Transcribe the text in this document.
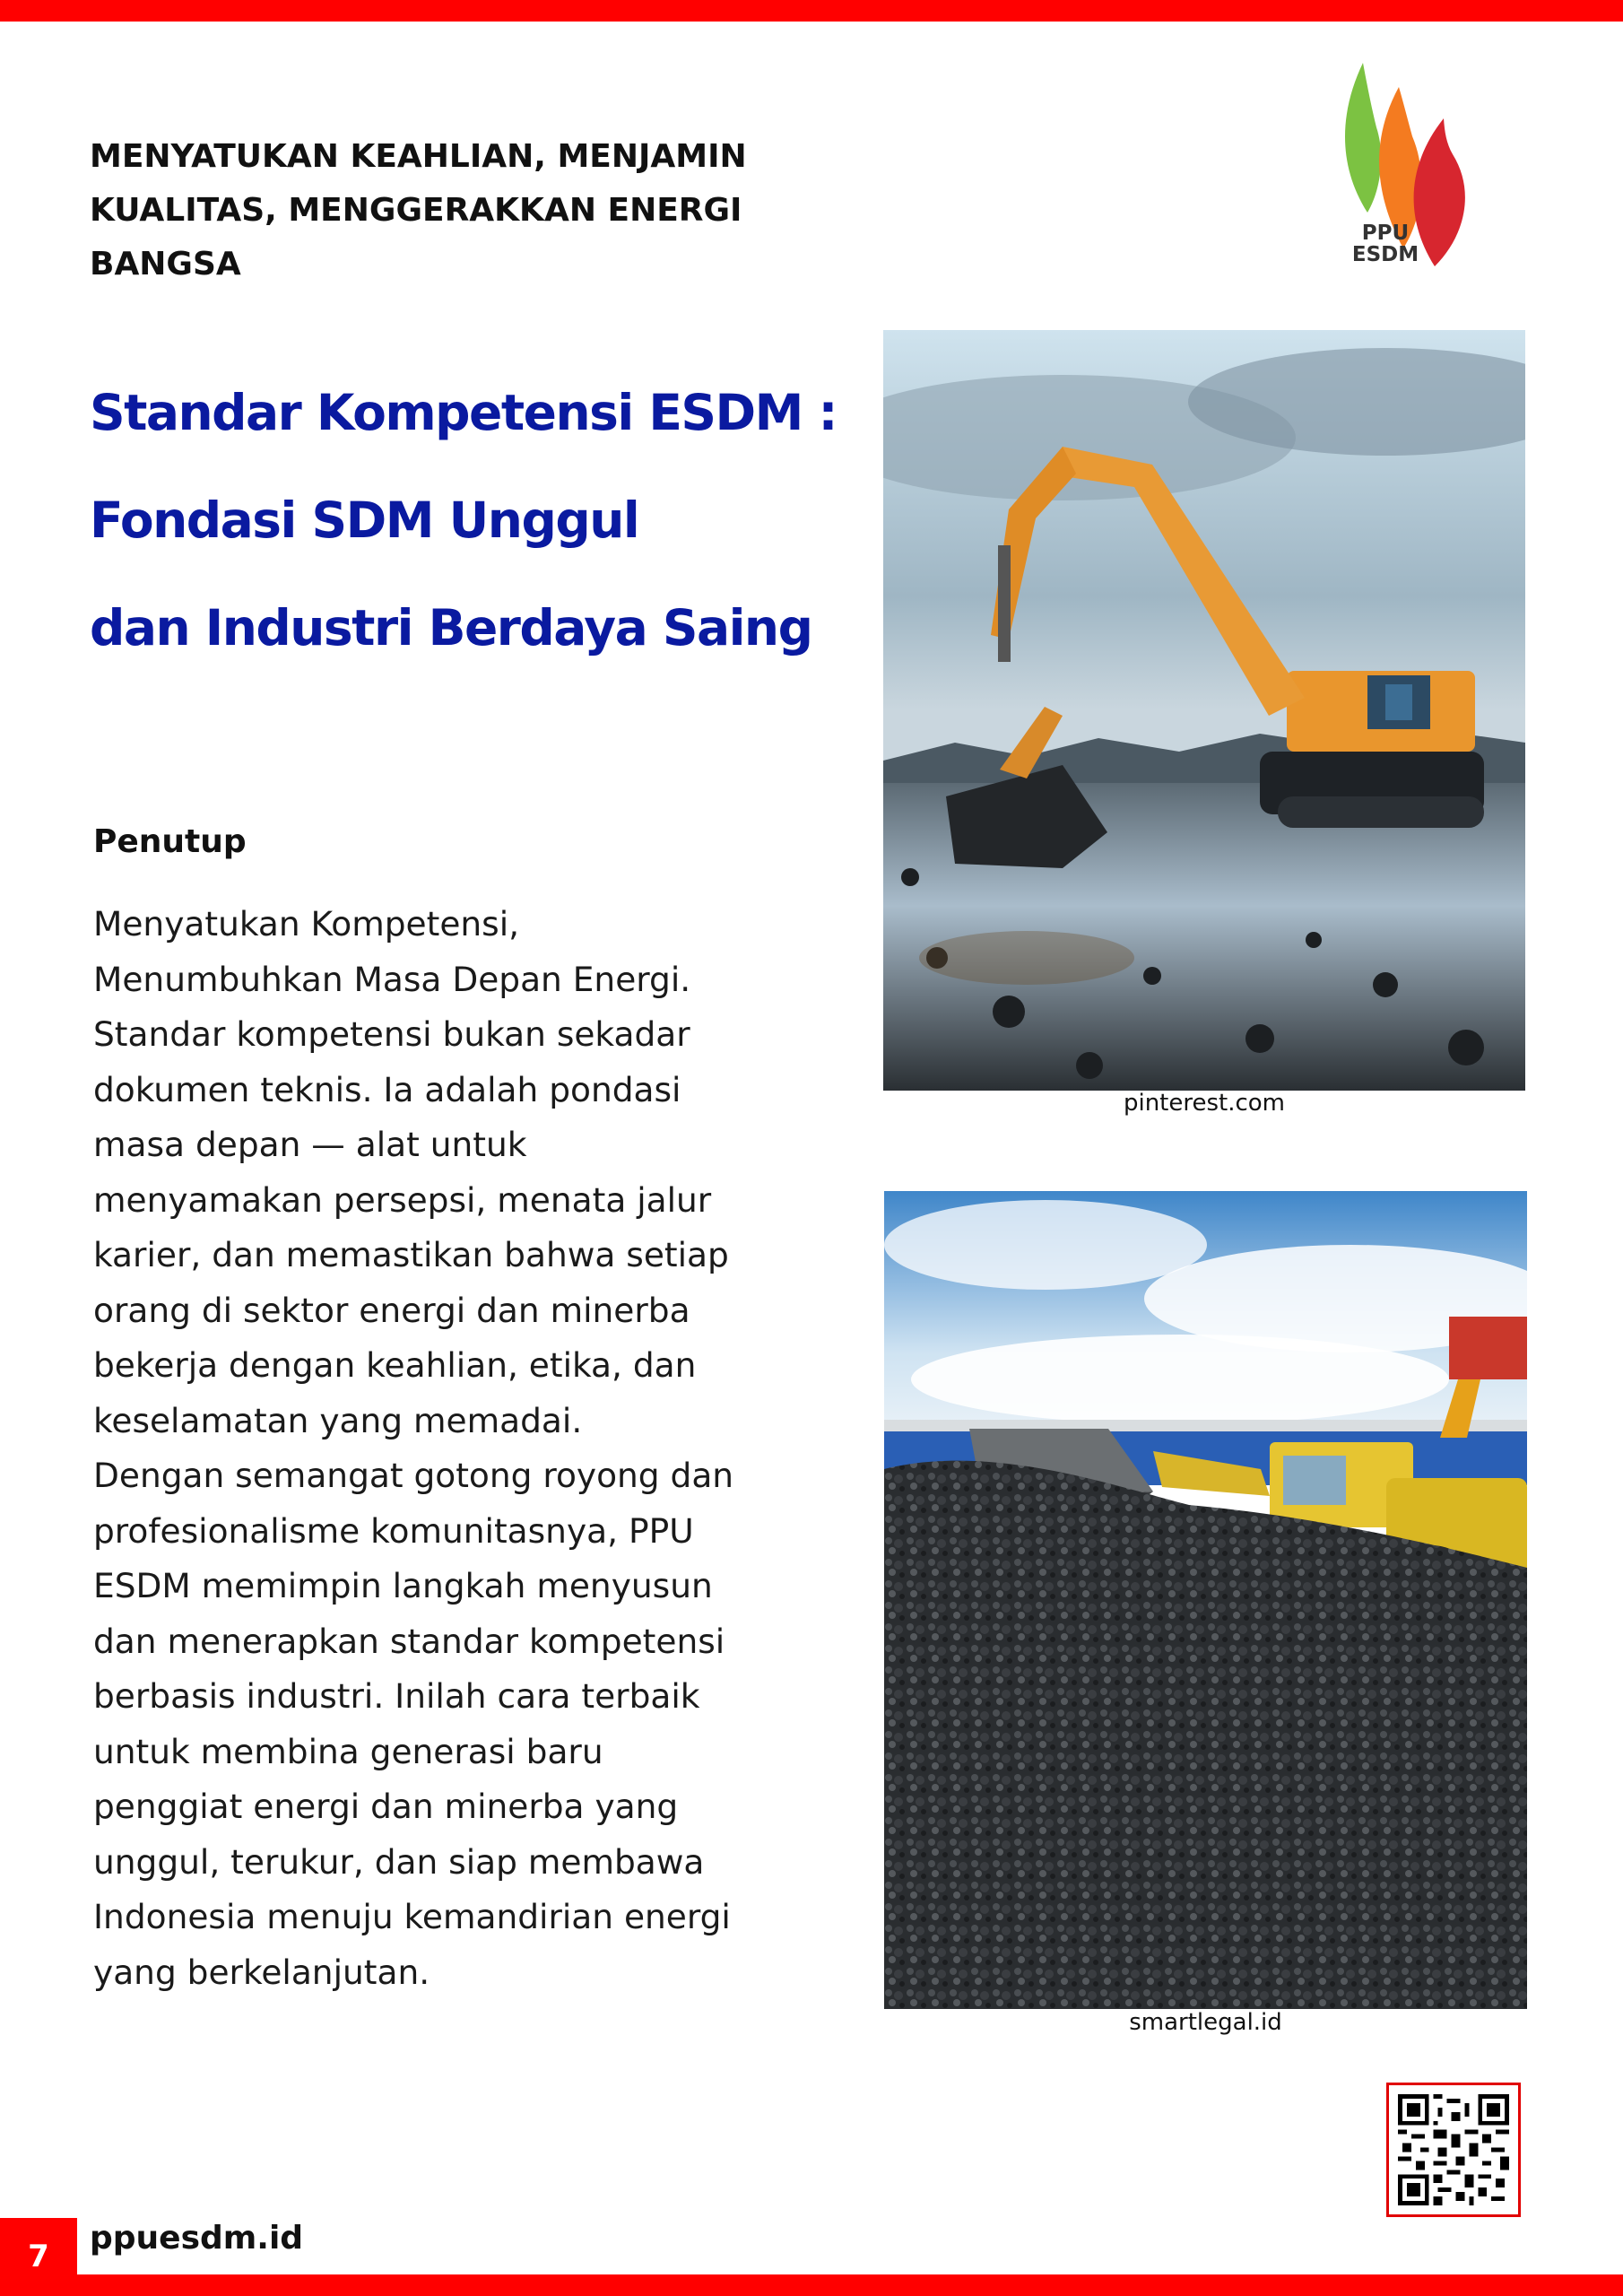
MENYATUKAN KEAHLIAN, MENJAMIN
KUALITAS, MENGGERAKKAN ENERGI
BANGSA
PPU
ESDM
Standar Kompetensi ESDM :
Fondasi SDM Unggul
dan Industri Berdaya Saing
Penutup
Menyatukan Kompetensi,
Menumbuhkan Masa Depan Energi.
Standar kompetensi bukan sekadar
dokumen teknis. Ia adalah pondasi
masa depan — alat untuk
menyamakan persepsi, menata jalur
karier, dan memastikan bahwa setiap
orang di sektor energi dan minerba
bekerja dengan keahlian, etika, dan
keselamatan yang memadai.
Dengan semangat gotong royong dan
profesionalisme komunitasnya, PPU
ESDM memimpin langkah menyusun
dan menerapkan standar kompetensi
berbasis industri. Inilah cara terbaik
untuk membina generasi baru
penggiat energi dan minerba yang
unggul, terukur, dan siap membawa
Indonesia menuju kemandirian energi
yang berkelanjutan.
pinterest.com
smartlegal.id
7	ppuesdm.id
